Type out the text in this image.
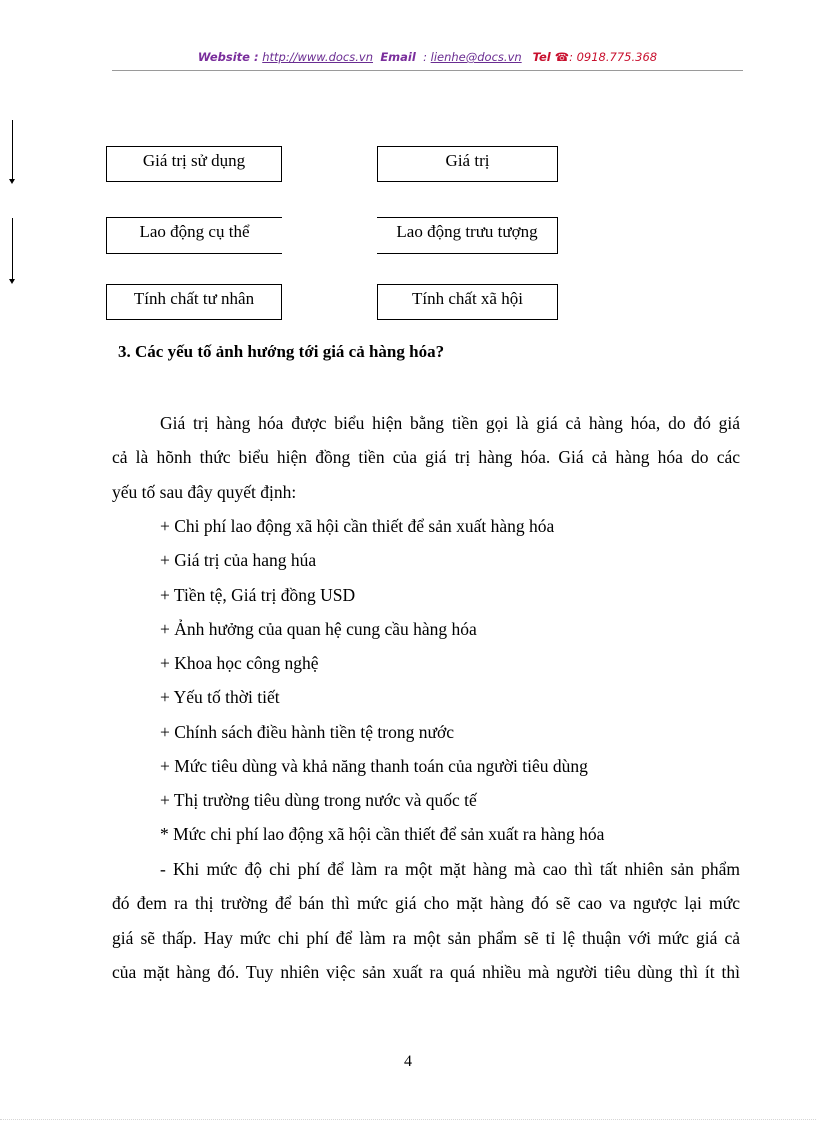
Website : http://www.docs.vn Email  : lienhe@docs.vn Tel ☎: 0918.775.368
Giá trị sử dụng	Giá trị
Lao động cụ thể	Lao động trưu tượng
Tính chất tư nhân	Tính chất xã hội
3. Các yếu tố ảnh hướng tới giá cả hàng hóa?
Giá trị hàng hóa được biểu hiện bằng tiền gọi là giá cả hàng hóa, do đó giá
cả là hõnh thức biểu hiện đồng tiền của giá trị hàng hóa. Giá cả hàng hóa do các
yếu tố sau đây quyết định:
+ Chi phí lao động xã hội cần thiết để sản xuất hàng hóa
+ Giá trị của hang húa
+ Tiền tệ, Giá trị đồng USD
+ Ảnh hưởng của quan hệ cung cầu hàng hóa
+ Khoa học công nghệ
+ Yếu tố thời tiết
+ Chính sách điều hành tiền tệ trong nước
+ Mức tiêu dùng và khả năng thanh toán của người tiêu dùng
+ Thị trường tiêu dùng trong nước và quốc tế
* Mức chi phí lao động xã hội cần thiết để sản xuất ra hàng hóa
- Khi mức độ chi phí để làm ra một mặt hàng mà cao thì tất nhiên sản phẩm
đó đem ra thị trường để bán thì mức giá cho mặt hàng đó sẽ cao va ngược lại mức
giá sẽ thấp. Hay mức chi phí để làm ra một sản phẩm sẽ tỉ lệ thuận với mức giá cả
của mặt hàng đó. Tuy nhiên việc sản xuất ra quá nhiều mà người tiêu dùng thì ít thì
4
